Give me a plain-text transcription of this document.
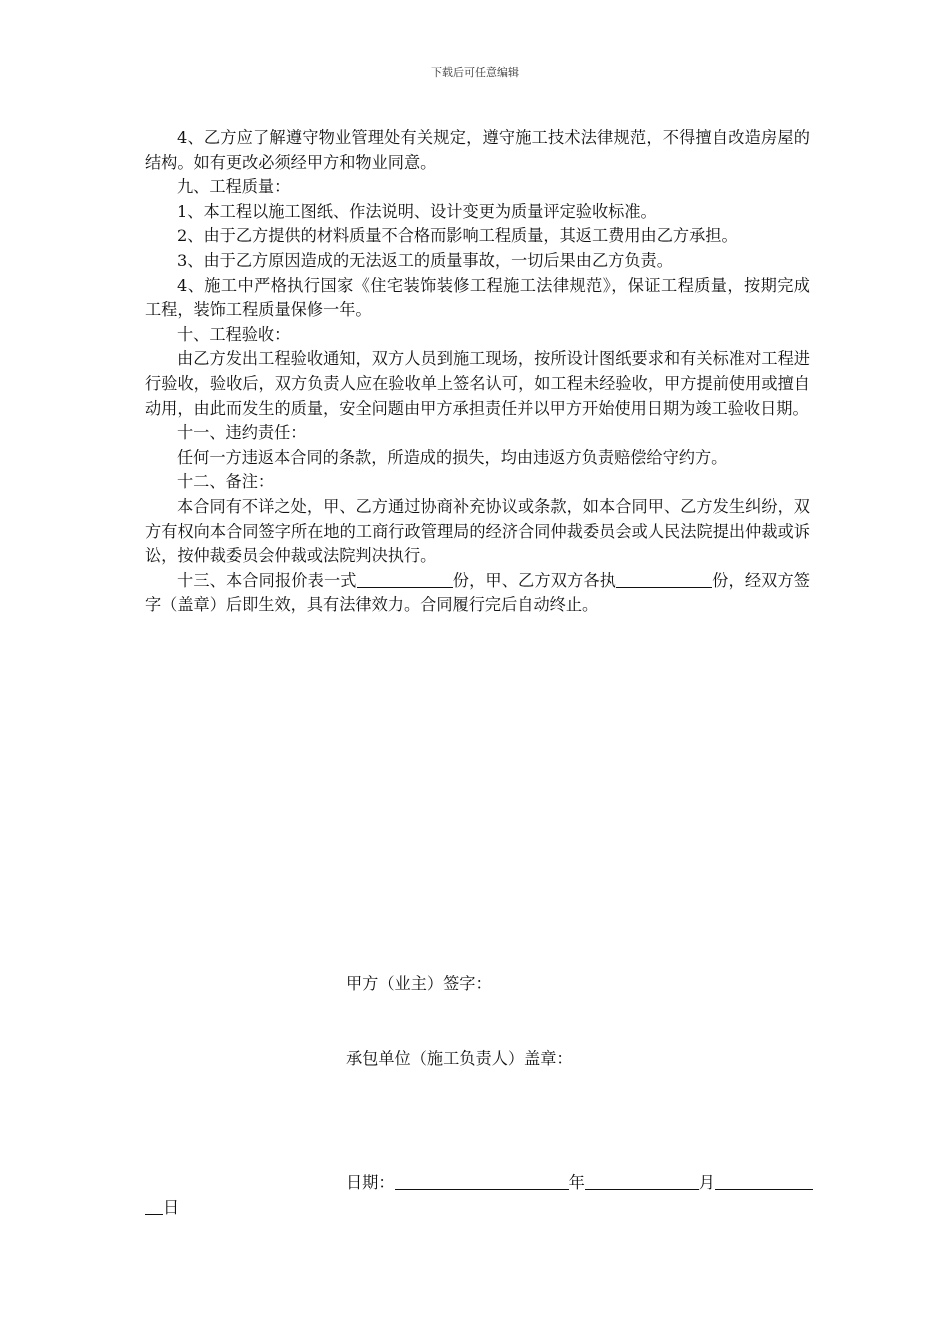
下载后可任意编辑

4、乙方应了解遵守物业管理处有关规定，遵守施工技术法律规范，不得擅自改造房屋的结构。如有更改必须经甲方和物业同意。

九、工程质量：

1、本工程以施工图纸、作法说明、设计变更为质量评定验收标准。

2、由于乙方提供的材料质量不合格而影响工程质量，其返工费用由乙方承担。

3、由于乙方原因造成的无法返工的质量事故，一切后果由乙方负责。

4、施工中严格执行国家《住宅装饰装修工程施工法律规范》，保证工程质量，按期完成工程，装饰工程质量保修一年。

十、工程验收：

由乙方发出工程验收通知，双方人员到施工现场，按所设计图纸要求和有关标准对工程进行验收，验收后，双方负责人应在验收单上签名认可，如工程未经验收，甲方提前使用或擅自动用，由此而发生的质量，安全问题由甲方承担责任并以甲方开始使用日期为竣工验收日期。

十一、违约责任：

任何一方违返本合同的条款，所造成的损失，均由违返方负责赔偿给守约方。

十二、备注：

本合同有不详之处，甲、乙方通过协商补充协议或条款，如本合同甲、乙方发生纠纷，双方有权向本合同签字所在地的工商行政管理局的经济合同仲裁委员会或人民法院提出仲裁或诉讼，按仲裁委员会仲裁或法院判决执行。

十三、本合同报价表一式	份，甲、乙方双方各执	份，经双方签字（盖章）后即生效，具有法律效力。合同履行完后自动终止。

甲方（业主）签字：
承包单位（施工负责人）盖章：
日期：	年	月
日
